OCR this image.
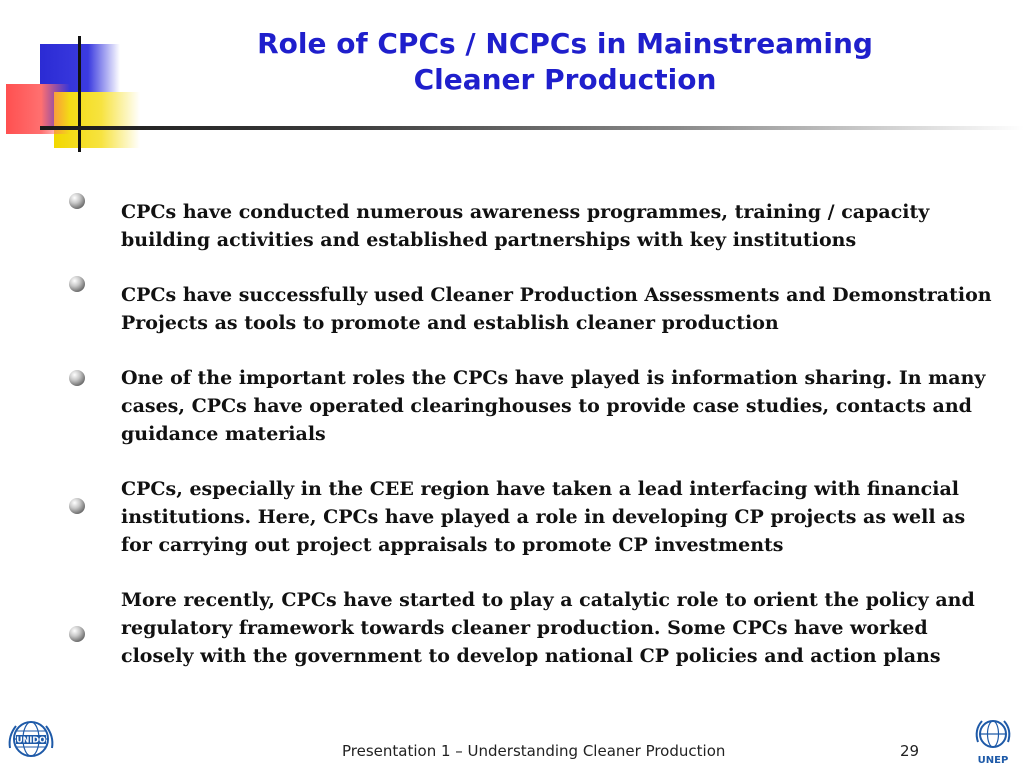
Role of CPCs / NCPCs in Mainstreaming
Cleaner Production

CPCs have conducted numerous awareness programmes, training / capacity building activities and established partnerships with key institutions

CPCs have successfully used Cleaner Production Assessments and Demonstration Projects as tools to promote and establish cleaner production

One of the important roles the CPCs have played is information sharing. In many cases, CPCs have operated clearinghouses to provide case studies, contacts and guidance materials

CPCs, especially in the CEE region have taken a lead interfacing with financial institutions. Here, CPCs have played a role in developing CP projects as well as for carrying out project appraisals to promote CP investments

More recently, CPCs have started to play a catalytic role to orient the policy and regulatory framework towards cleaner production. Some CPCs have worked closely with the government to develop national CP policies and action plans

UNIDO
Presentation 1 – Understanding Cleaner Production	29
UNEP
